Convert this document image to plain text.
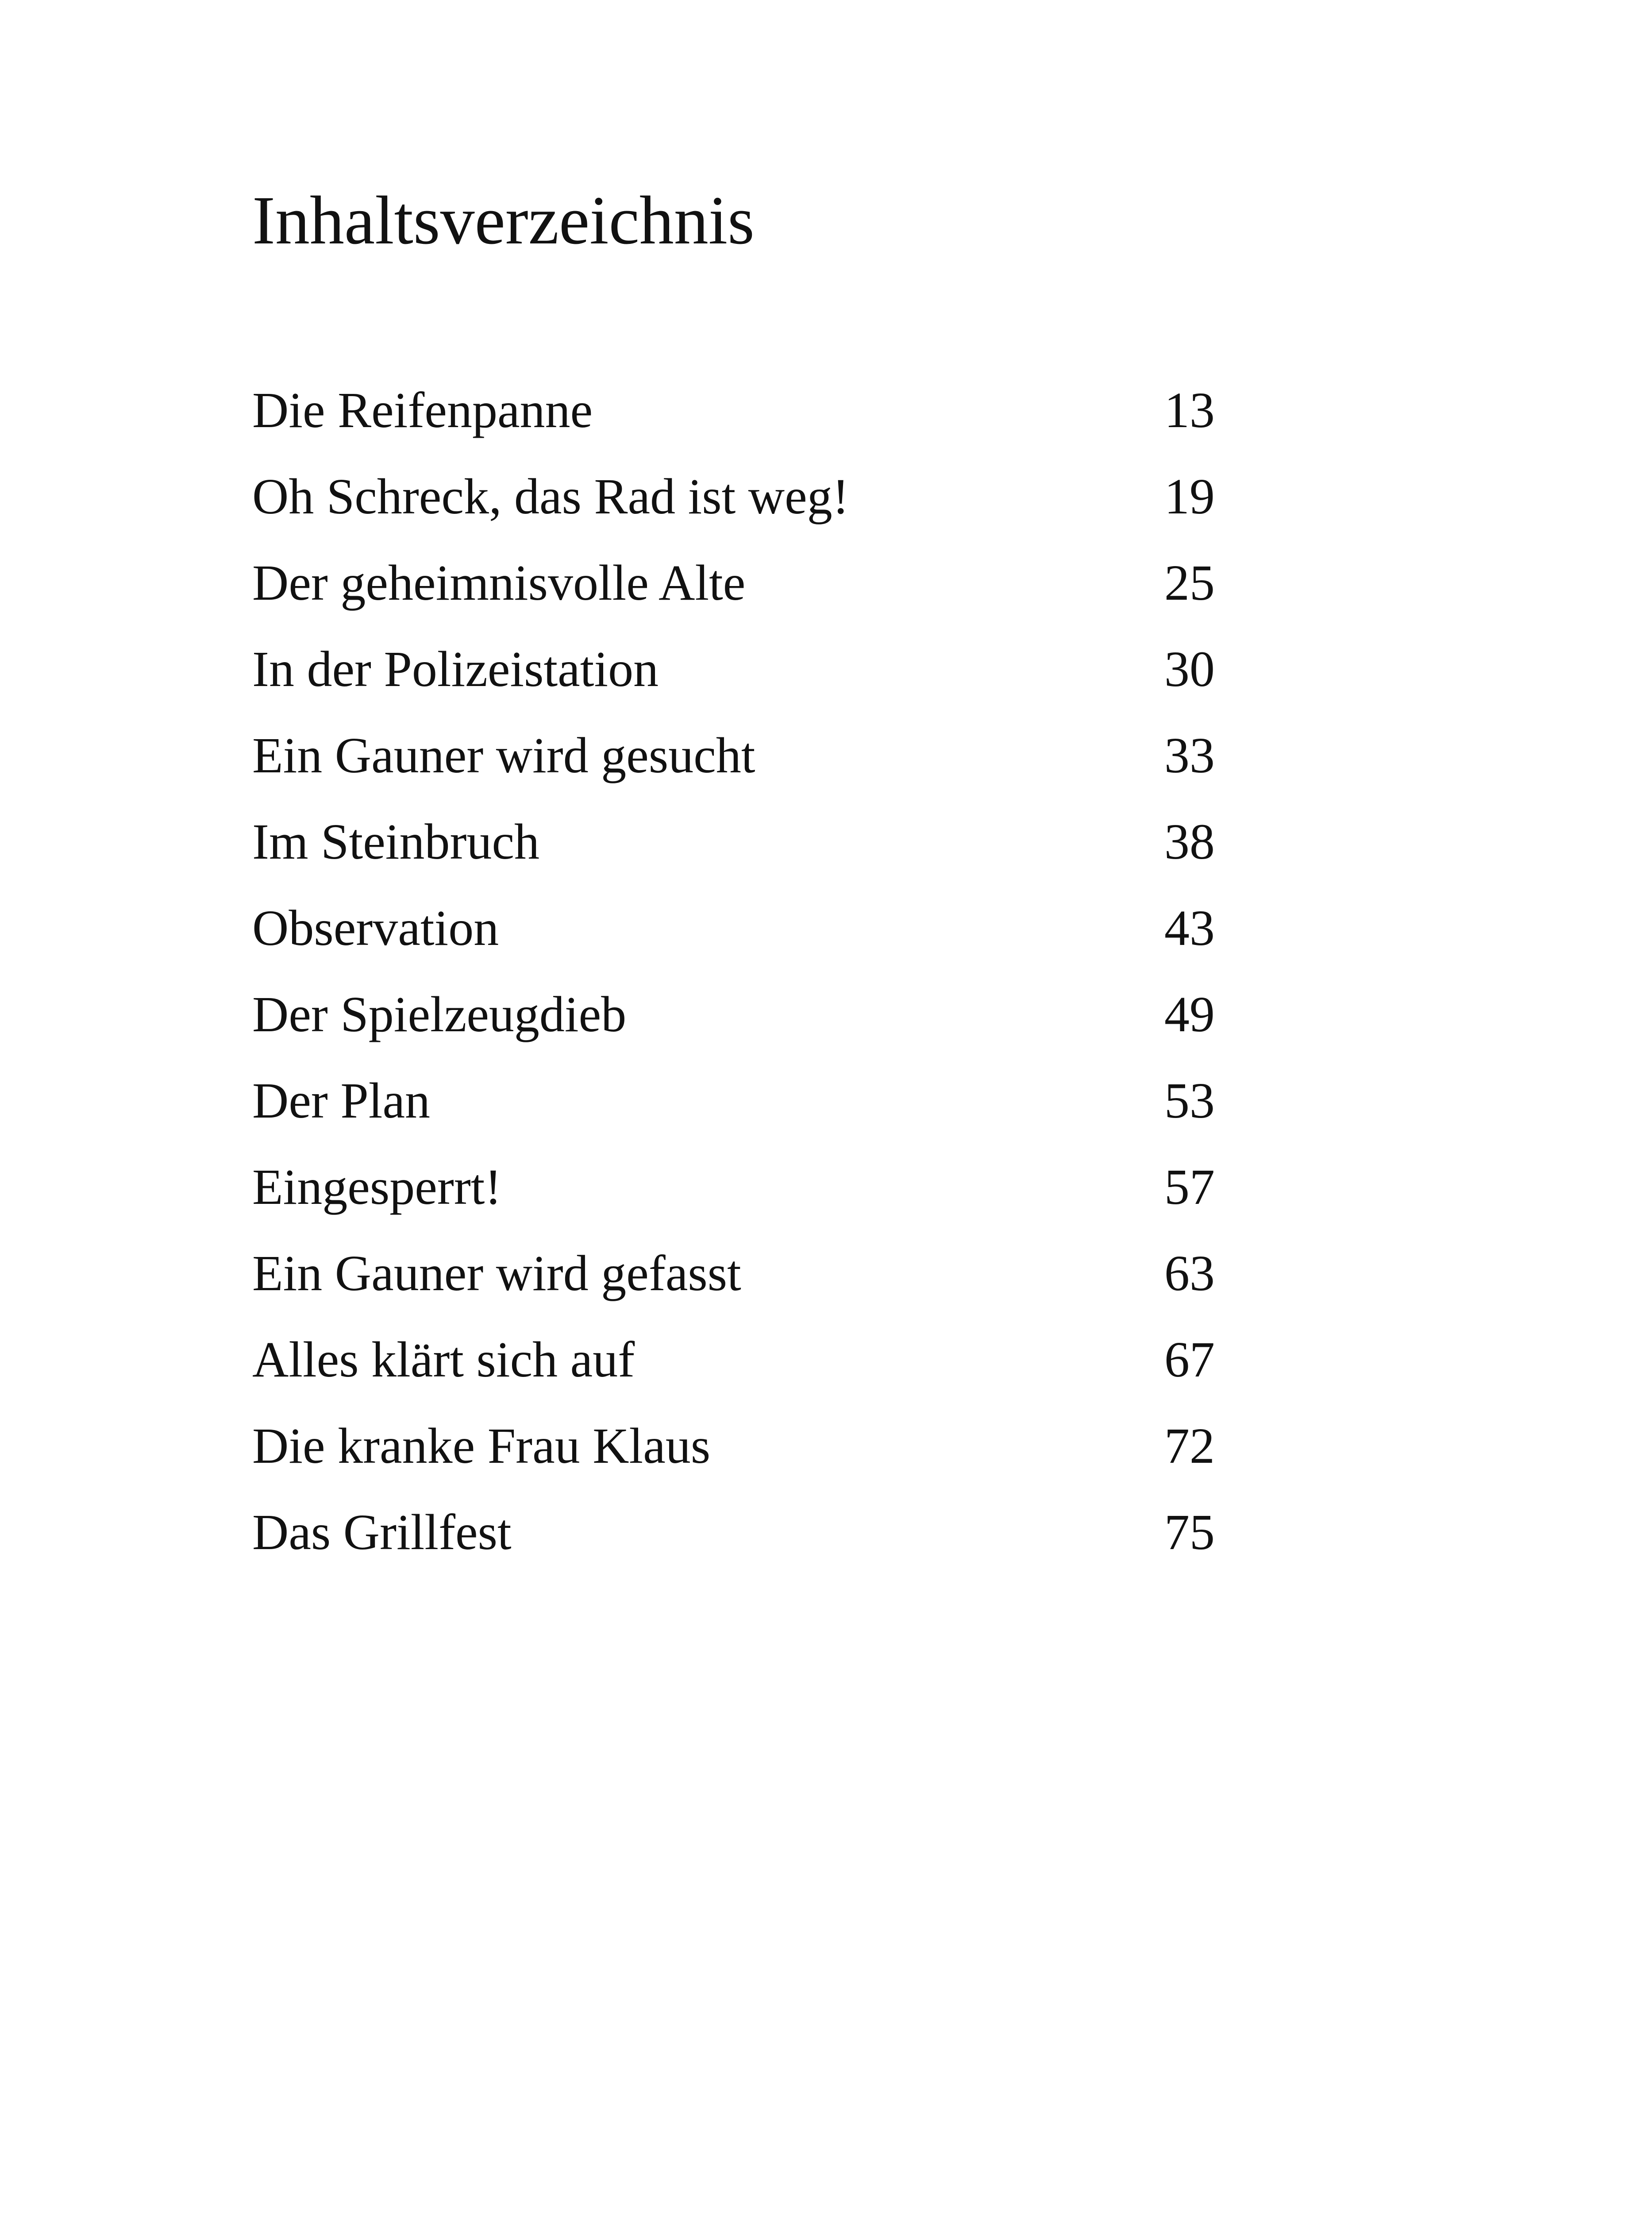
Inhaltsverzeichnis
Die Reifenpanne	13
Oh Schreck, das Rad ist weg!	19
Der geheimnisvolle Alte	25
In der Polizeistation	30
Ein Gauner wird gesucht	33
Im Steinbruch	38
Observation	43
Der Spielzeugdieb	49
Der Plan	53
Eingesperrt!	57
Ein Gauner wird gefasst	63
Alles klärt sich auf	67
Die kranke Frau Klaus	72
Das Grillfest	75
